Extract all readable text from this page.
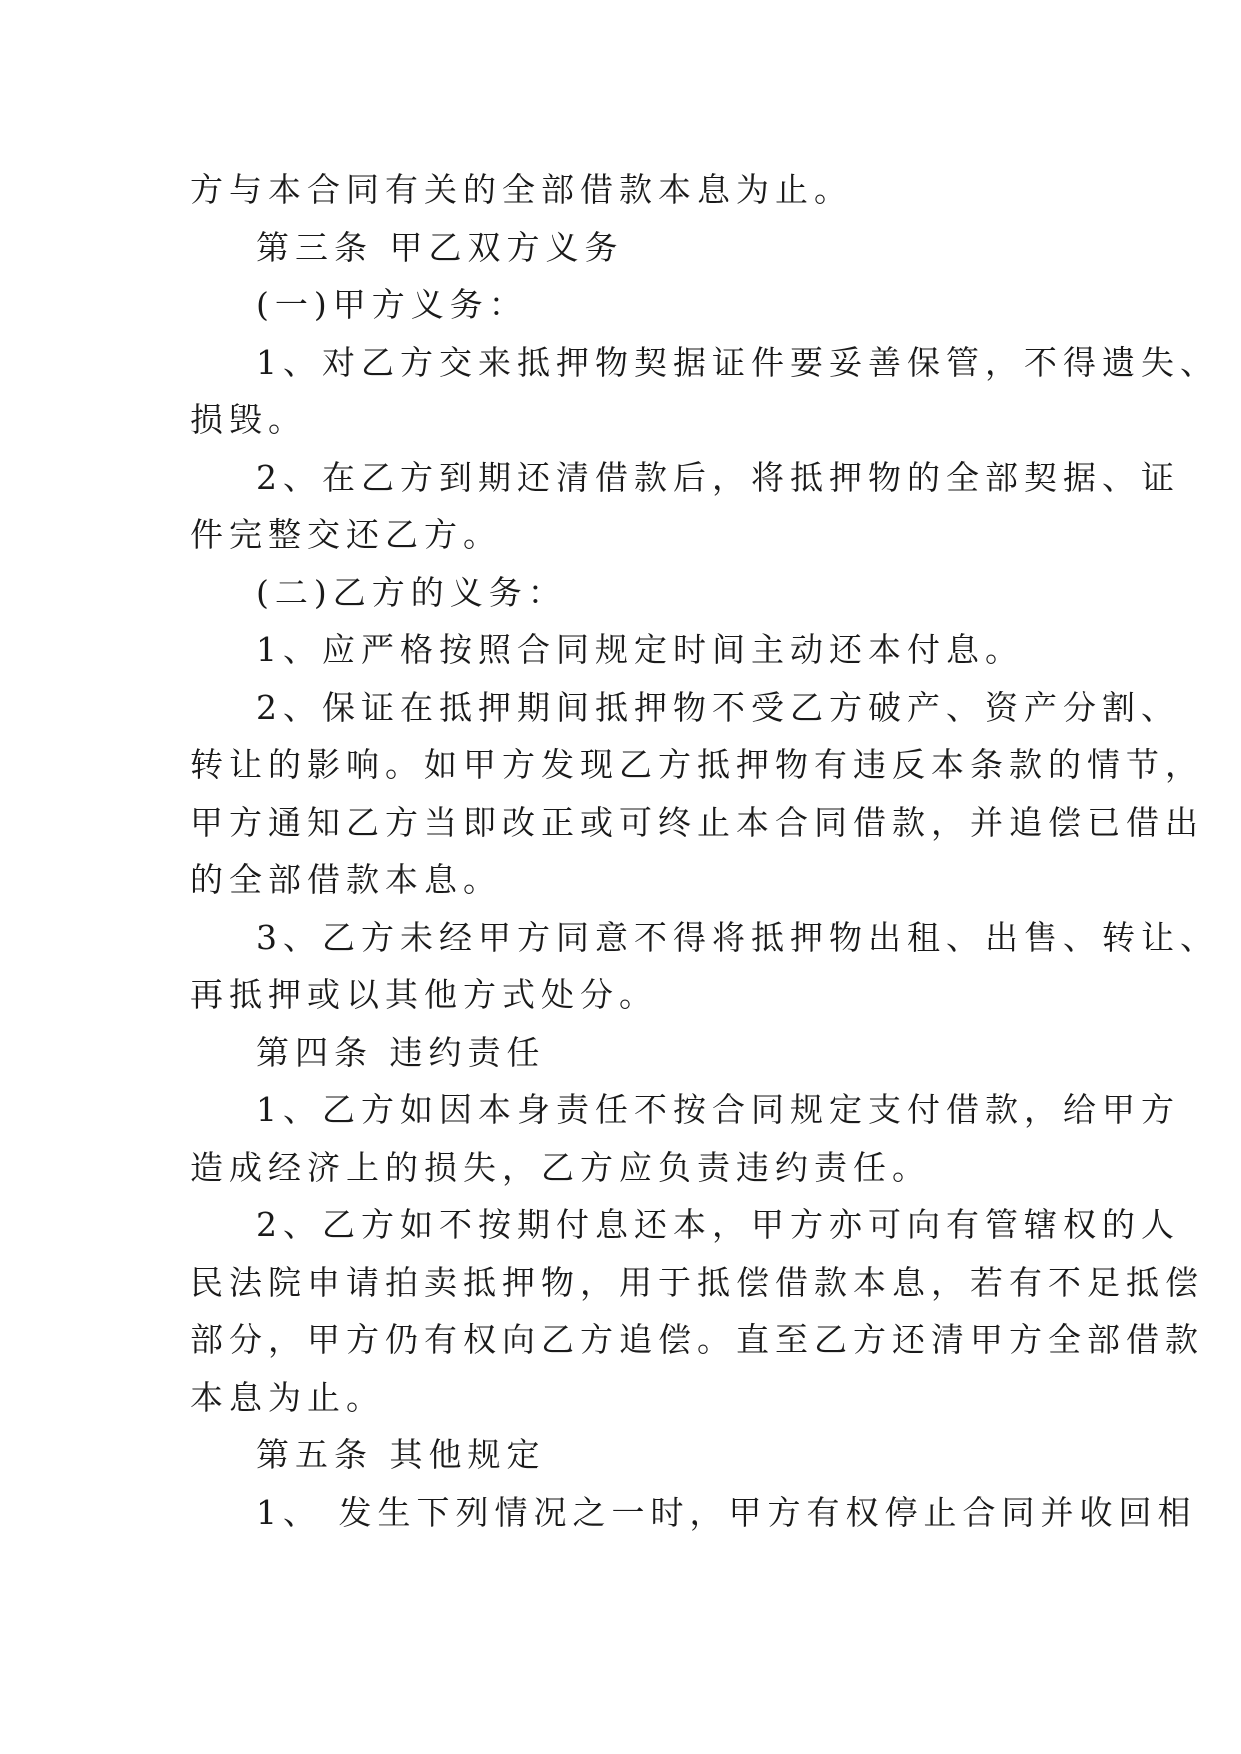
方与本合同有关的全部借款本息为止。
第三条 甲乙双方义务
(一)甲方义务：
1、对乙方交来抵押物契据证件要妥善保管，不得遗失、
损毁。
2、在乙方到期还清借款后，将抵押物的全部契据、证
件完整交还乙方。
(二)乙方的义务：
1、应严格按照合同规定时间主动还本付息。
2、保证在抵押期间抵押物不受乙方破产、资产分割、
转让的影响。如甲方发现乙方抵押物有违反本条款的情节，
甲方通知乙方当即改正或可终止本合同借款，并追偿已借出
的全部借款本息。
3、乙方未经甲方同意不得将抵押物出租、出售、转让、
再抵押或以其他方式处分。
第四条 违约责任
1、乙方如因本身责任不按合同规定支付借款，给甲方
造成经济上的损失，乙方应负责违约责任。
2、乙方如不按期付息还本，甲方亦可向有管辖权的人
民法院申请拍卖抵押物，用于抵偿借款本息，若有不足抵偿
部分，甲方仍有权向乙方追偿。直至乙方还清甲方全部借款
本息为止。
第五条 其他规定
1、 发生下列情况之一时，甲方有权停止合同并收回相
